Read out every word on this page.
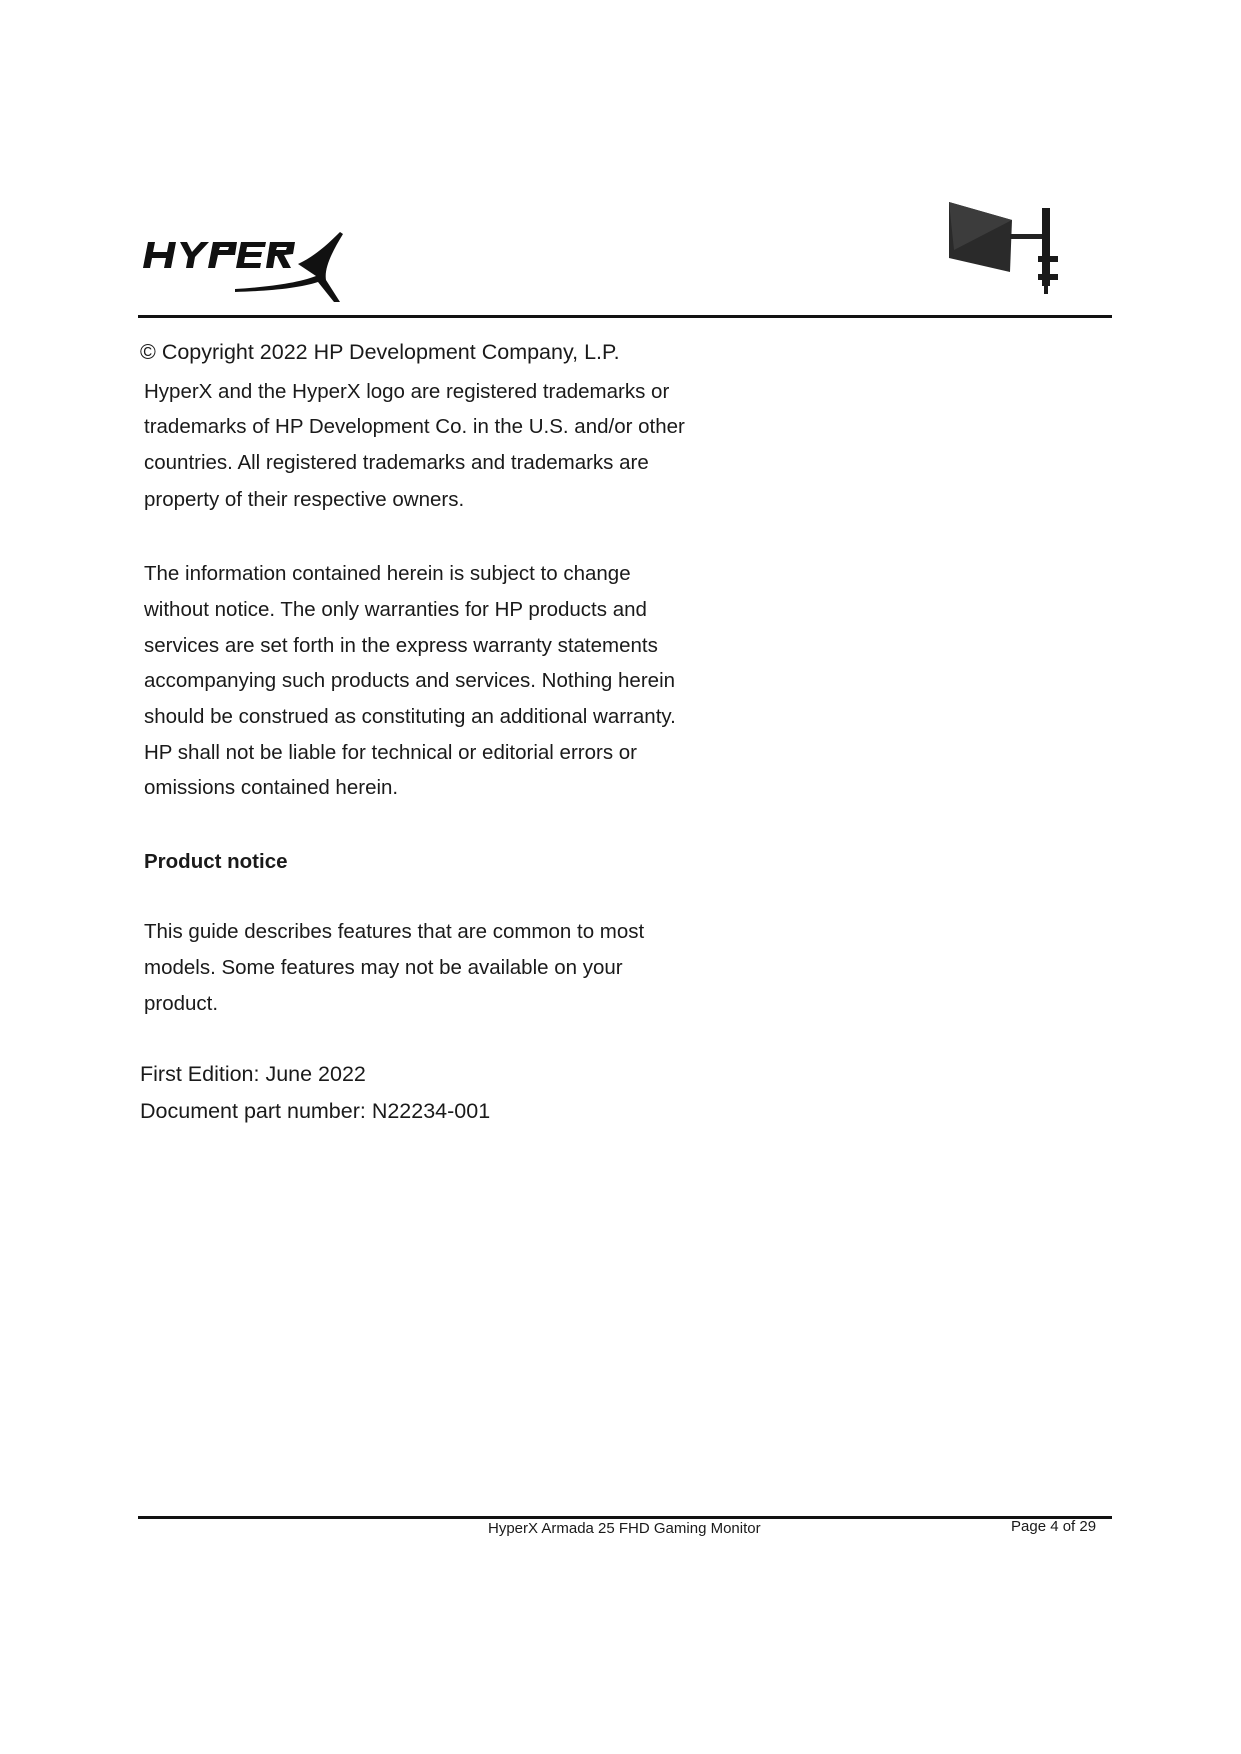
© Copyright 2022 HP Development Company, L.P.
HyperX and the HyperX logo are registered trademarks or
trademarks of HP Development Co. in the U.S. and/or other
countries. All registered trademarks and trademarks are
property of their respective owners.
The information contained herein is subject to change
without notice. The only warranties for HP products and
services are set forth in the express warranty statements
accompanying such products and services. Nothing herein
should be construed as constituting an additional warranty.
HP shall not be liable for technical or editorial errors or
omissions contained herein.
Product notice
This guide describes features that are common to most
models. Some features may not be available on your
product.
First Edition: June 2022
Document part number: N22234-001
HyperX Armada 25 FHD Gaming Monitor	Page 4 of 29
